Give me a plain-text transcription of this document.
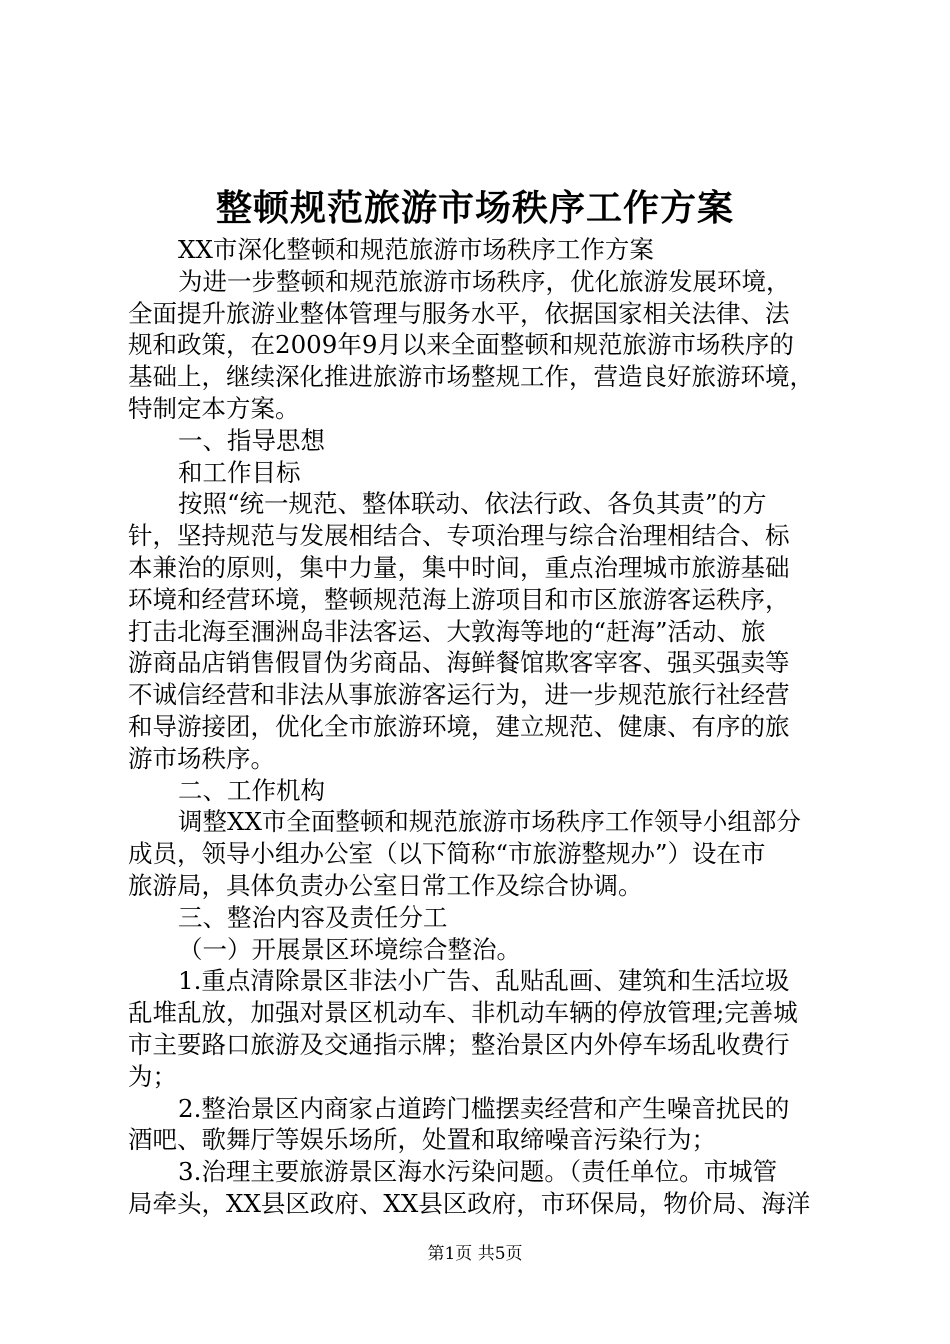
整顿规范旅游市场秩序工作方案
XX市深化整顿和规范旅游市场秩序工作方案
为进一步整顿和规范旅游市场秩序，优化旅游发展环境，
全面提升旅游业整体管理与服务水平，依据国家相关法律、法
规和政策，在2009年9月以来全面整顿和规范旅游市场秩序的
基础上，继续深化推进旅游市场整规工作，营造良好旅游环境，
特制定本方案。
一、指导思想
和工作目标
按照“统一规范、整体联动、依法行政、各负其责”的方
针，坚持规范与发展相结合、专项治理与综合治理相结合、标
本兼治的原则，集中力量，集中时间，重点治理城市旅游基础
环境和经营环境，整顿规范海上游项目和市区旅游客运秩序，
打击北海至涠洲岛非法客运、大敦海等地的“赶海”活动、旅
游商品店销售假冒伪劣商品、海鲜餐馆欺客宰客、强买强卖等
不诚信经营和非法从事旅游客运行为，进一步规范旅行社经营
和导游接团，优化全市旅游环境，建立规范、健康、有序的旅
游市场秩序。
二、工作机构
调整XX市全面整顿和规范旅游市场秩序工作领导小组部分
成员，领导小组办公室（以下简称“市旅游整规办”）设在市
旅游局，具体负责办公室日常工作及综合协调。
三、整治内容及责任分工
（一）开展景区环境综合整治。
1.重点清除景区非法小广告、乱贴乱画、建筑和生活垃圾
乱堆乱放，加强对景区机动车、非机动车辆的停放管理;完善城
市主要路口旅游及交通指示牌；整治景区内外停车场乱收费行
为；
2.整治景区内商家占道跨门槛摆卖经营和产生噪音扰民的
酒吧、歌舞厅等娱乐场所，处置和取缔噪音污染行为；
3.治理主要旅游景区海水污染问题。（责任单位。市城管
局牵头，XX县区政府、XX县区政府，市环保局，物价局、海洋
第1页 共5页
